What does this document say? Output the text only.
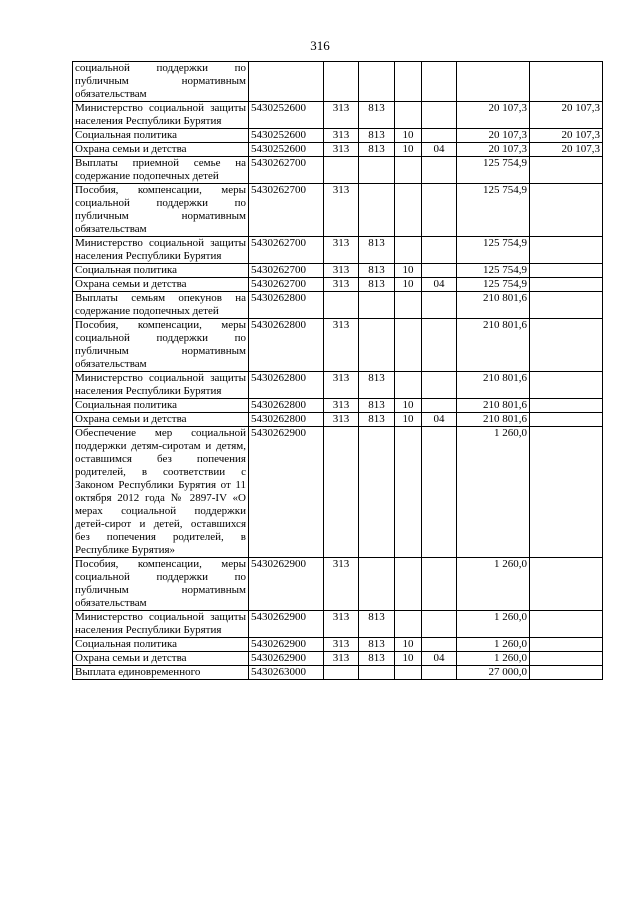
316
социальной поддержки по публичным нормативным обязательствам							
Министерство социальной защиты населения Республики Бурятия	5430252600	313	813			20 107,3	20 107,3
Социальная политика	5430252600	313	813	10		20 107,3	20 107,3
Охрана семьи и детства	5430252600	313	813	10	04	20 107,3	20 107,3
Выплаты приемной семье на содержание подопечных детей	5430262700					125 754,9	
Пособия, компенсации, меры социальной поддержки по публичным нормативным обязательствам	5430262700	313				125 754,9	
Министерство социальной защиты населения Республики Бурятия	5430262700	313	813			125 754,9	
Социальная политика	5430262700	313	813	10		125 754,9	
Охрана семьи и детства	5430262700	313	813	10	04	125 754,9	
Выплаты семьям опекунов на содержание подопечных детей	5430262800					210 801,6	
Пособия, компенсации, меры социальной поддержки по публичным нормативным обязательствам	5430262800	313				210 801,6	
Министерство социальной защиты населения Республики Бурятия	5430262800	313	813			210 801,6	
Социальная политика	5430262800	313	813	10		210 801,6	
Охрана семьи и детства	5430262800	313	813	10	04	210 801,6	
Обеспечение мер социальной поддержки детям-сиротам и детям, оставшимся без попечения родителей, в соответствии с Законом Республики Бурятия от 11 октября 2012 года № 2897-IV «О мерах социальной поддержки детей-сирот и детей, оставшихся без попечения родителей, в Республике Бурятия»	5430262900					1 260,0	
Пособия, компенсации, меры социальной поддержки по публичным нормативным обязательствам	5430262900	313				1 260,0	
Министерство социальной защиты населения Республики Бурятия	5430262900	313	813			1 260,0	
Социальная политика	5430262900	313	813	10		1 260,0	
Охрана семьи и детства	5430262900	313	813	10	04	1 260,0	
Выплата единовременного	5430263000					27 000,0	
